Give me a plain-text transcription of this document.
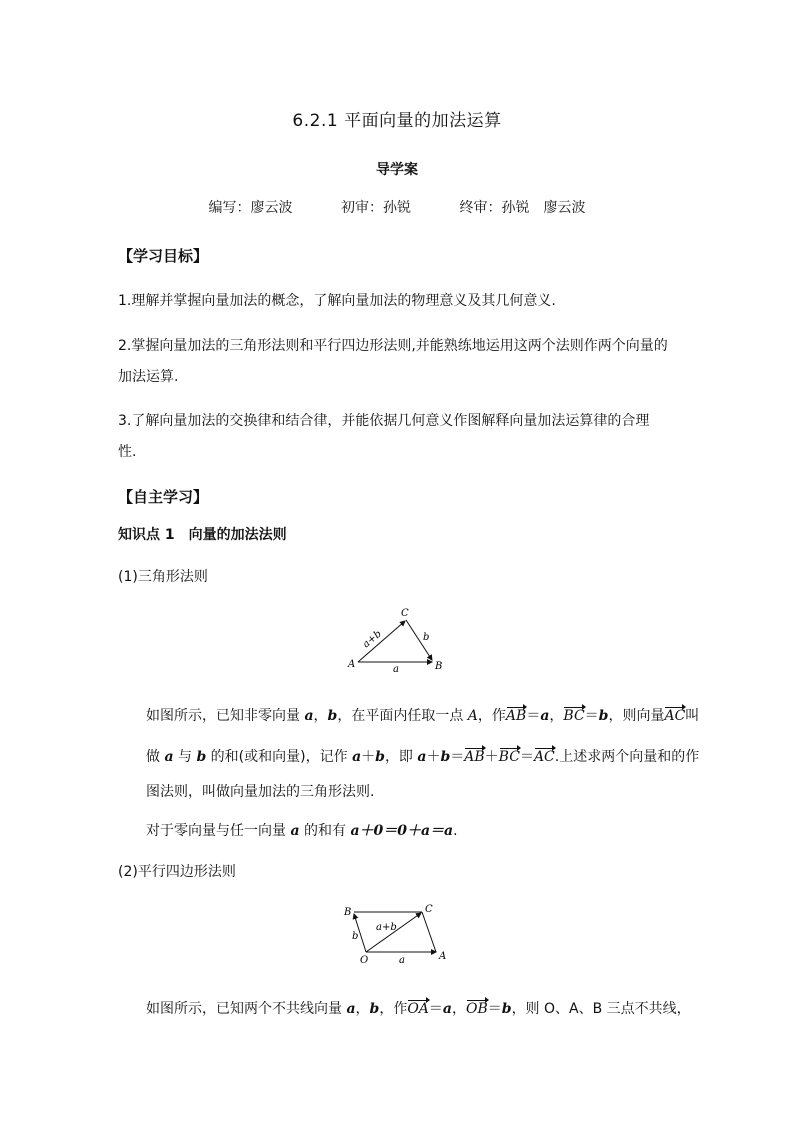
6.2.1 平面向量的加法运算
导学案
编写：廖云波	初审：孙锐	终审：孙锐　廖云波
【学习目标】
1.理解并掌握向量加法的概念，了解向量加法的物理意义及其几何意义.
2.掌握向量加法的三角形法则和平行四边形法则,并能熟练地运用这两个法则作两个向量的
加法运算.
3.了解向量加法的交换律和结合律，并能依据几何意义作图解释向量加法运算律的合理
性.
【自主学习】
知识点 1　向量的加法法则
(1)三角形法则
A	B
C
a
b
a+b
如图所示，已知非零向量 a，b，在平面内任取一点 A，作AB＝a，BC＝b，则向量AC叫
做 a 与 b 的和(或和向量)，记作 a＋b，即 a＋b＝AB＋BC＝AC.上述求两个向量和的作
图法则，叫做向量加法的三角形法则.
对于零向量与任一向量 a 的和有 a＋0＝0＋a＝a.
(2)平行四边形法则
B	C
O	A
a
b
a+b
如图所示，已知两个不共线向量 a，b，作OA＝a，OB＝b，则 O、A、B 三点不共线，
